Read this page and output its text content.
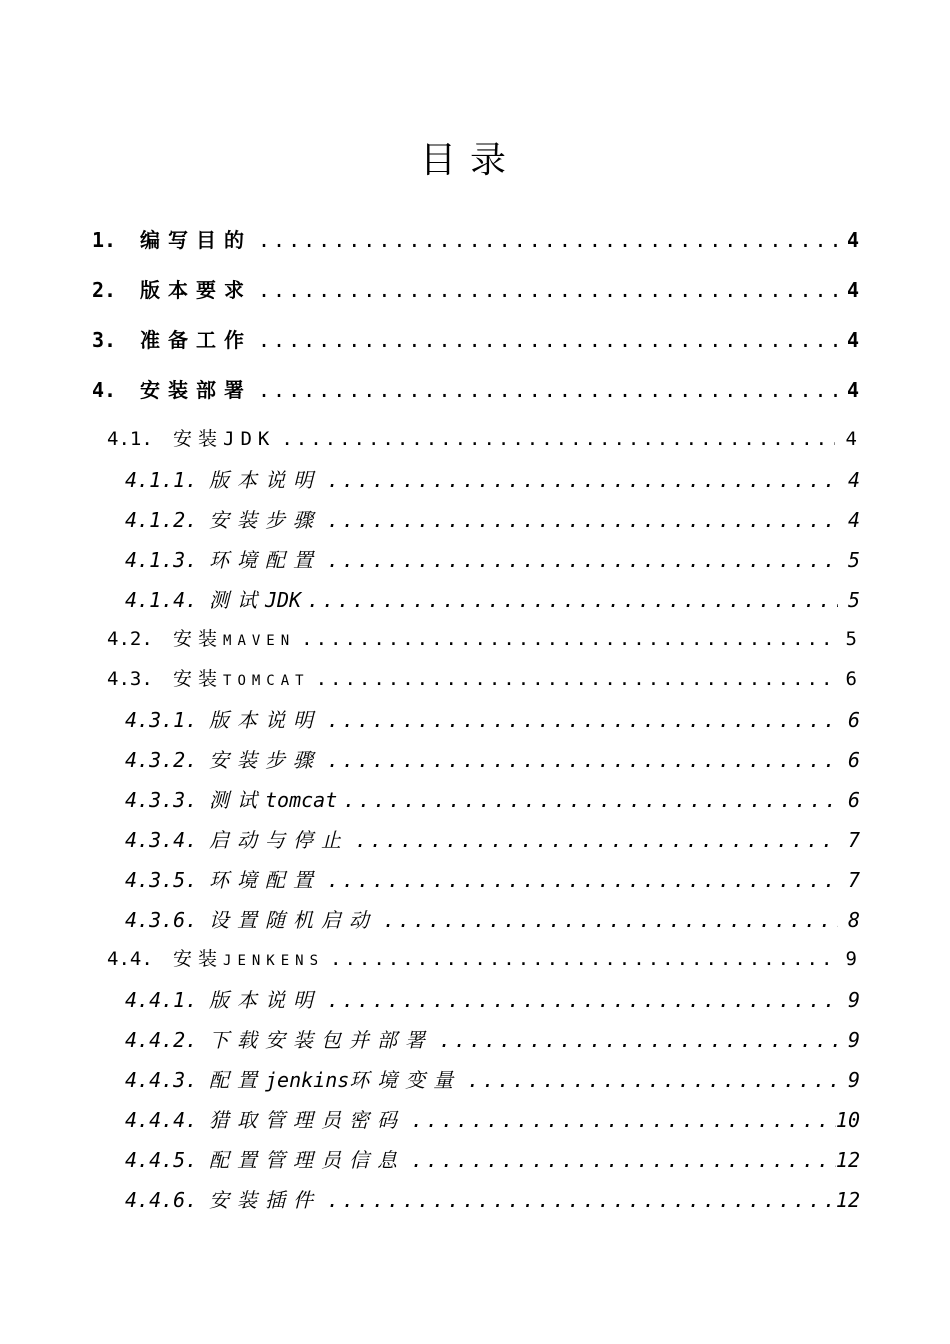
目录
1.	编写目的 .....	4
2.	版本要求 .....	4
3.	准备工作 .....	4
4.	安装部署 .....	4
4.1.	安装 JDK .....	4
4.1.1. 版本说明 .....	4
4.1.2. 安装步骤 .....	4
4.1.3. 环境配置 .....	5
4.1.4. 测试 JDK .....	5
4.2.	安装 MAVEN .....	5
4.3.	安装 TOMCAT .....	6
4.3.1. 版本说明 .....	6
4.3.2. 安装步骤 .....	6
4.3.3. 测试 tomcat .....	6
4.3.4. 启动与停止 .....	7
4.3.5. 环境配置 .....	7
4.3.6. 设置随机启动 .....	8
4.4.	安装 JENKENS .....	9
4.4.1. 版本说明 .....	9
4.4.2. 下载安装包并部署 .....	9
4.4.3. 配置 jenkins 环境变量 .....	9
4.4.4. 猎取管理员密码 .....	10
4.4.5. 配置管理员信息 .....	12
4.4.6. 安装插件 .....	12
